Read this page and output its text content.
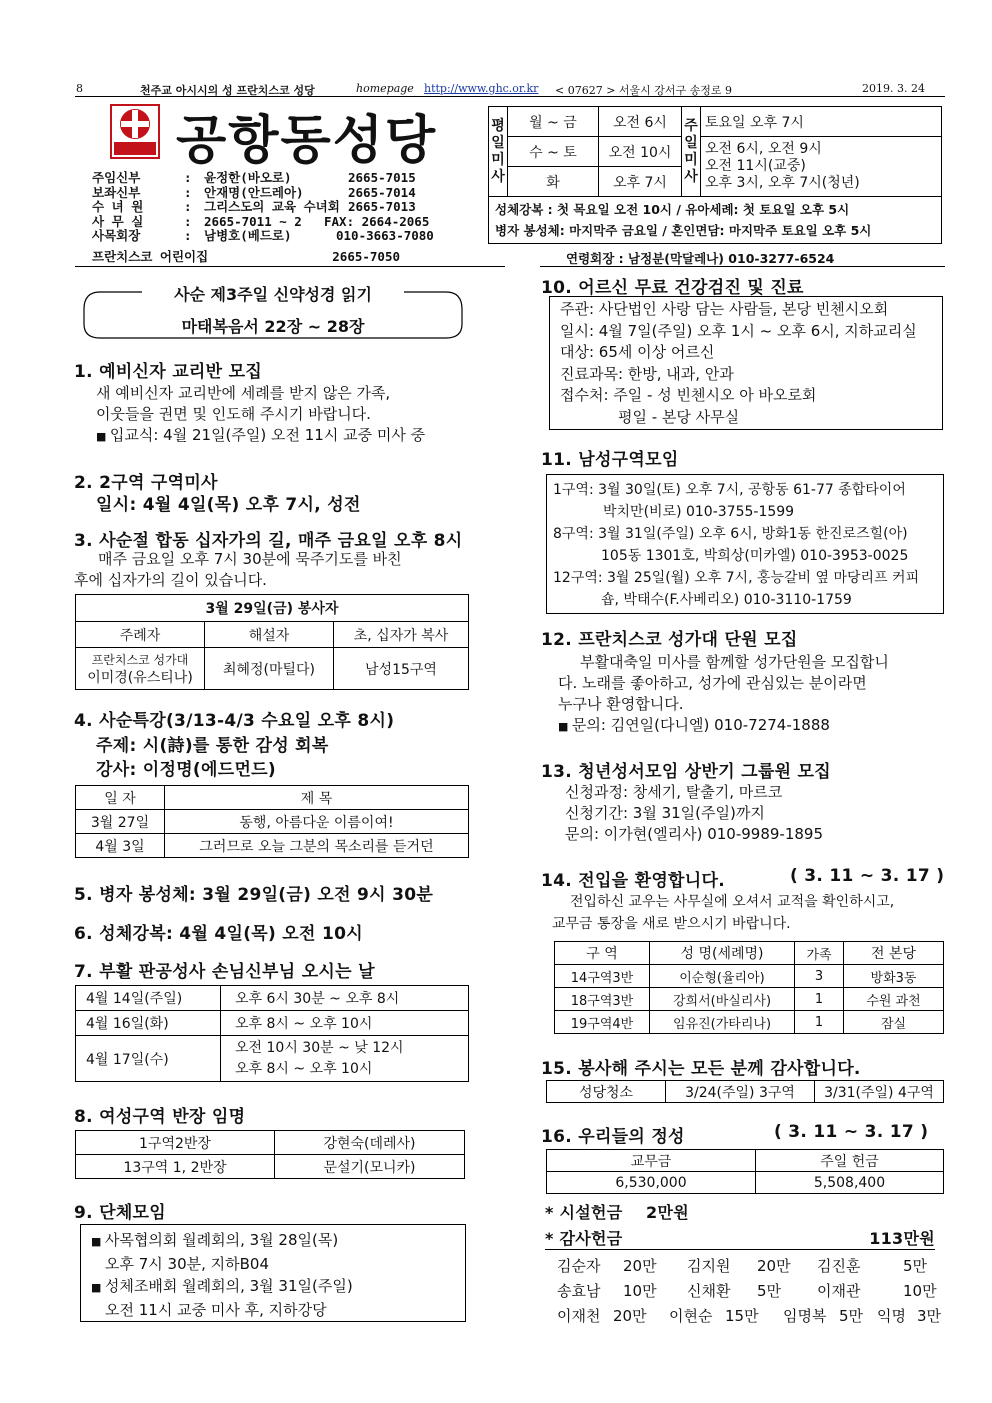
8	천주교 아시시의 성 프란치스코 성당	homepage http://www.ghc.or.kr < 07627 > 서울시 강서구 송정로 9	2019. 3. 24
공항동성당
주임신부	: 윤정한(바오로)	2665-7015
보좌신부	: 안재명(안드레아)	2665-7014
수 녀 원	: 그리스도의 교육 수녀회 2665-7013
사 무 실	: 2665-7011 ~ 2	FAX: 2664-2065
사목회장	: 남병호(베드로)	010-3663-7080
프란치스코 어린이집	2665-7050
평일미사	월 ~ 금	오전 6시	주일미사	토요일 오후 7시
	수 ~ 토	오전 10시		오전 6시, 오전 9시
오전 11시(교중)
오후 3시, 오후 7시(청년)

	화	오후 7시		

성체강복 : 첫 목요일 오전 10시 / 유아세례: 첫 토요일 오후 5시
병자 봉성체: 마지막주 금요일 / 혼인면담: 마지막주 토요일 오후 5시				
연령회장 : 남정분(막달레나) 010-3277-6524
사순 제3주일 신약성경 읽기
마태복음서 22장 ~ 28장
1. 예비신자 교리반 모집
새 예비신자 교리반에 세례를 받지 않은 가족,
이웃들을 권면 및 인도해 주시기 바랍니다.
■ 입교식: 4월 21일(주일) 오전 11시 교중 미사 중
2. 2구역 구역미사
일시: 4월 4일(목) 오후 7시, 성전
3. 사순절 합동 십자가의 길, 매주 금요일 오후 8시
매주 금요일 오후 7시 30분에 묵주기도를 바친
후에 십자가의 길이 있습니다.
3월 29일(금) 봉사자		
주례자	해설자	초, 십자가 복사

프란치스코 성가대
이미경(유스티나)	최혜정(마틸다)	남성15구역
4. 사순특강(3/13-4/3 수요일 오후 8시)
주제: 시(詩)를 통한 감성 회복
강사: 이정명(에드먼드)
일 자	제 목
3월 27일	동행, 아름다운 이름이여!
4월 3일	그러므로 오늘 그분의 목소리를 듣거던
5. 병자 봉성체: 3월 29일(금) 오전 9시 30분
6. 성체강복: 4월 4일(목) 오전 10시
7. 부활 판공성사 손님신부님 오시는 날
4월 14일(주일)	오후 6시 30분 ~ 오후 8시
4월 16일(화)	오후 8시 ~ 오후 10시
4월 17일(수)	오전 10시 30분 ~ 낮 12시
오후 8시 ~ 오후 10시
8. 여성구역 반장 임명
1구역2반장	강현숙(데레사)
13구역 1, 2반장	문설기(모니카)
9. 단체모임
■ 사목협의회 월례회의, 3월 28일(목)
오후 7시 30분, 지하B04
■ 성체조배회 월례회의, 3월 31일(주일)
오전 11시 교중 미사 후, 지하강당
10. 어르신 무료 건강검진 및 진료
주관: 사단법인 사랑 담는 사람들, 본당 빈첸시오회
일시: 4월 7일(주일) 오후 1시 ~ 오후 6시, 지하교리실
대상: 65세 이상 어르신
진료과목: 한방, 내과, 안과
접수처: 주일 - 성 빈첸시오 아 바오로회
평일 - 본당 사무실
11. 남성구역모임
1구역: 3월 30일(토) 오후 7시, 공항동 61-77 종합타이어
박치만(비로) 010-3755-1599
8구역: 3월 31일(주일) 오후 6시, 방화1동 한진로즈힐(아)
105동 1301호, 박희상(미카엘) 010-3953-0025
12구역: 3월 25일(월) 오후 7시, 홍능갈비 옆 마당리프 커피
숍, 박태수(F.사베리오) 010-3110-1759
12. 프란치스코 성가대 단원 모집
부활대축일 미사를 함께할 성가단원을 모집합니
다. 노래를 좋아하고, 성가에 관심있는 분이라면
누구나 환영합니다.
■ 문의: 김연일(다니엘) 010-7274-1888
13. 청년성서모임 상반기 그룹원 모집
신청과정: 창세기, 탈출기, 마르코
신청기간: 3월 31일(주일)까지
문의: 이가현(엘리사) 010-9989-1895
14. 전입을 환영합니다.	( 3. 11 ~ 3. 17 )
전입하신 교우는 사무실에 오셔서 교적을 확인하시고,
교무금 통장을 새로 받으시기 바랍니다.
구 역	성 명(세례명)	가족	전 본당
14구역3반	이순형(율리아)	3	방화3동
18구역3반	강희서(바실리사)	1	수원 과천
19구역4반	임유진(가타리나)	1	잠실
15. 봉사해 주시는 모든 분께 감사합니다.
성당청소	3/24(주일) 3구역	3/31(주일) 4구역
16. 우리들의 정성	( 3. 11 ~ 3. 17 )
교무금	주일 헌금
6,530,000	5,508,400
* 시설헌금    2만원
* 감사헌금	113만원
김순자	20만	김지원	20만	김진훈	5만
송효남	10만	신채환	5만	이재관	10만
이재천 20만	이현순 15만	임명복 5만 익명 3만
